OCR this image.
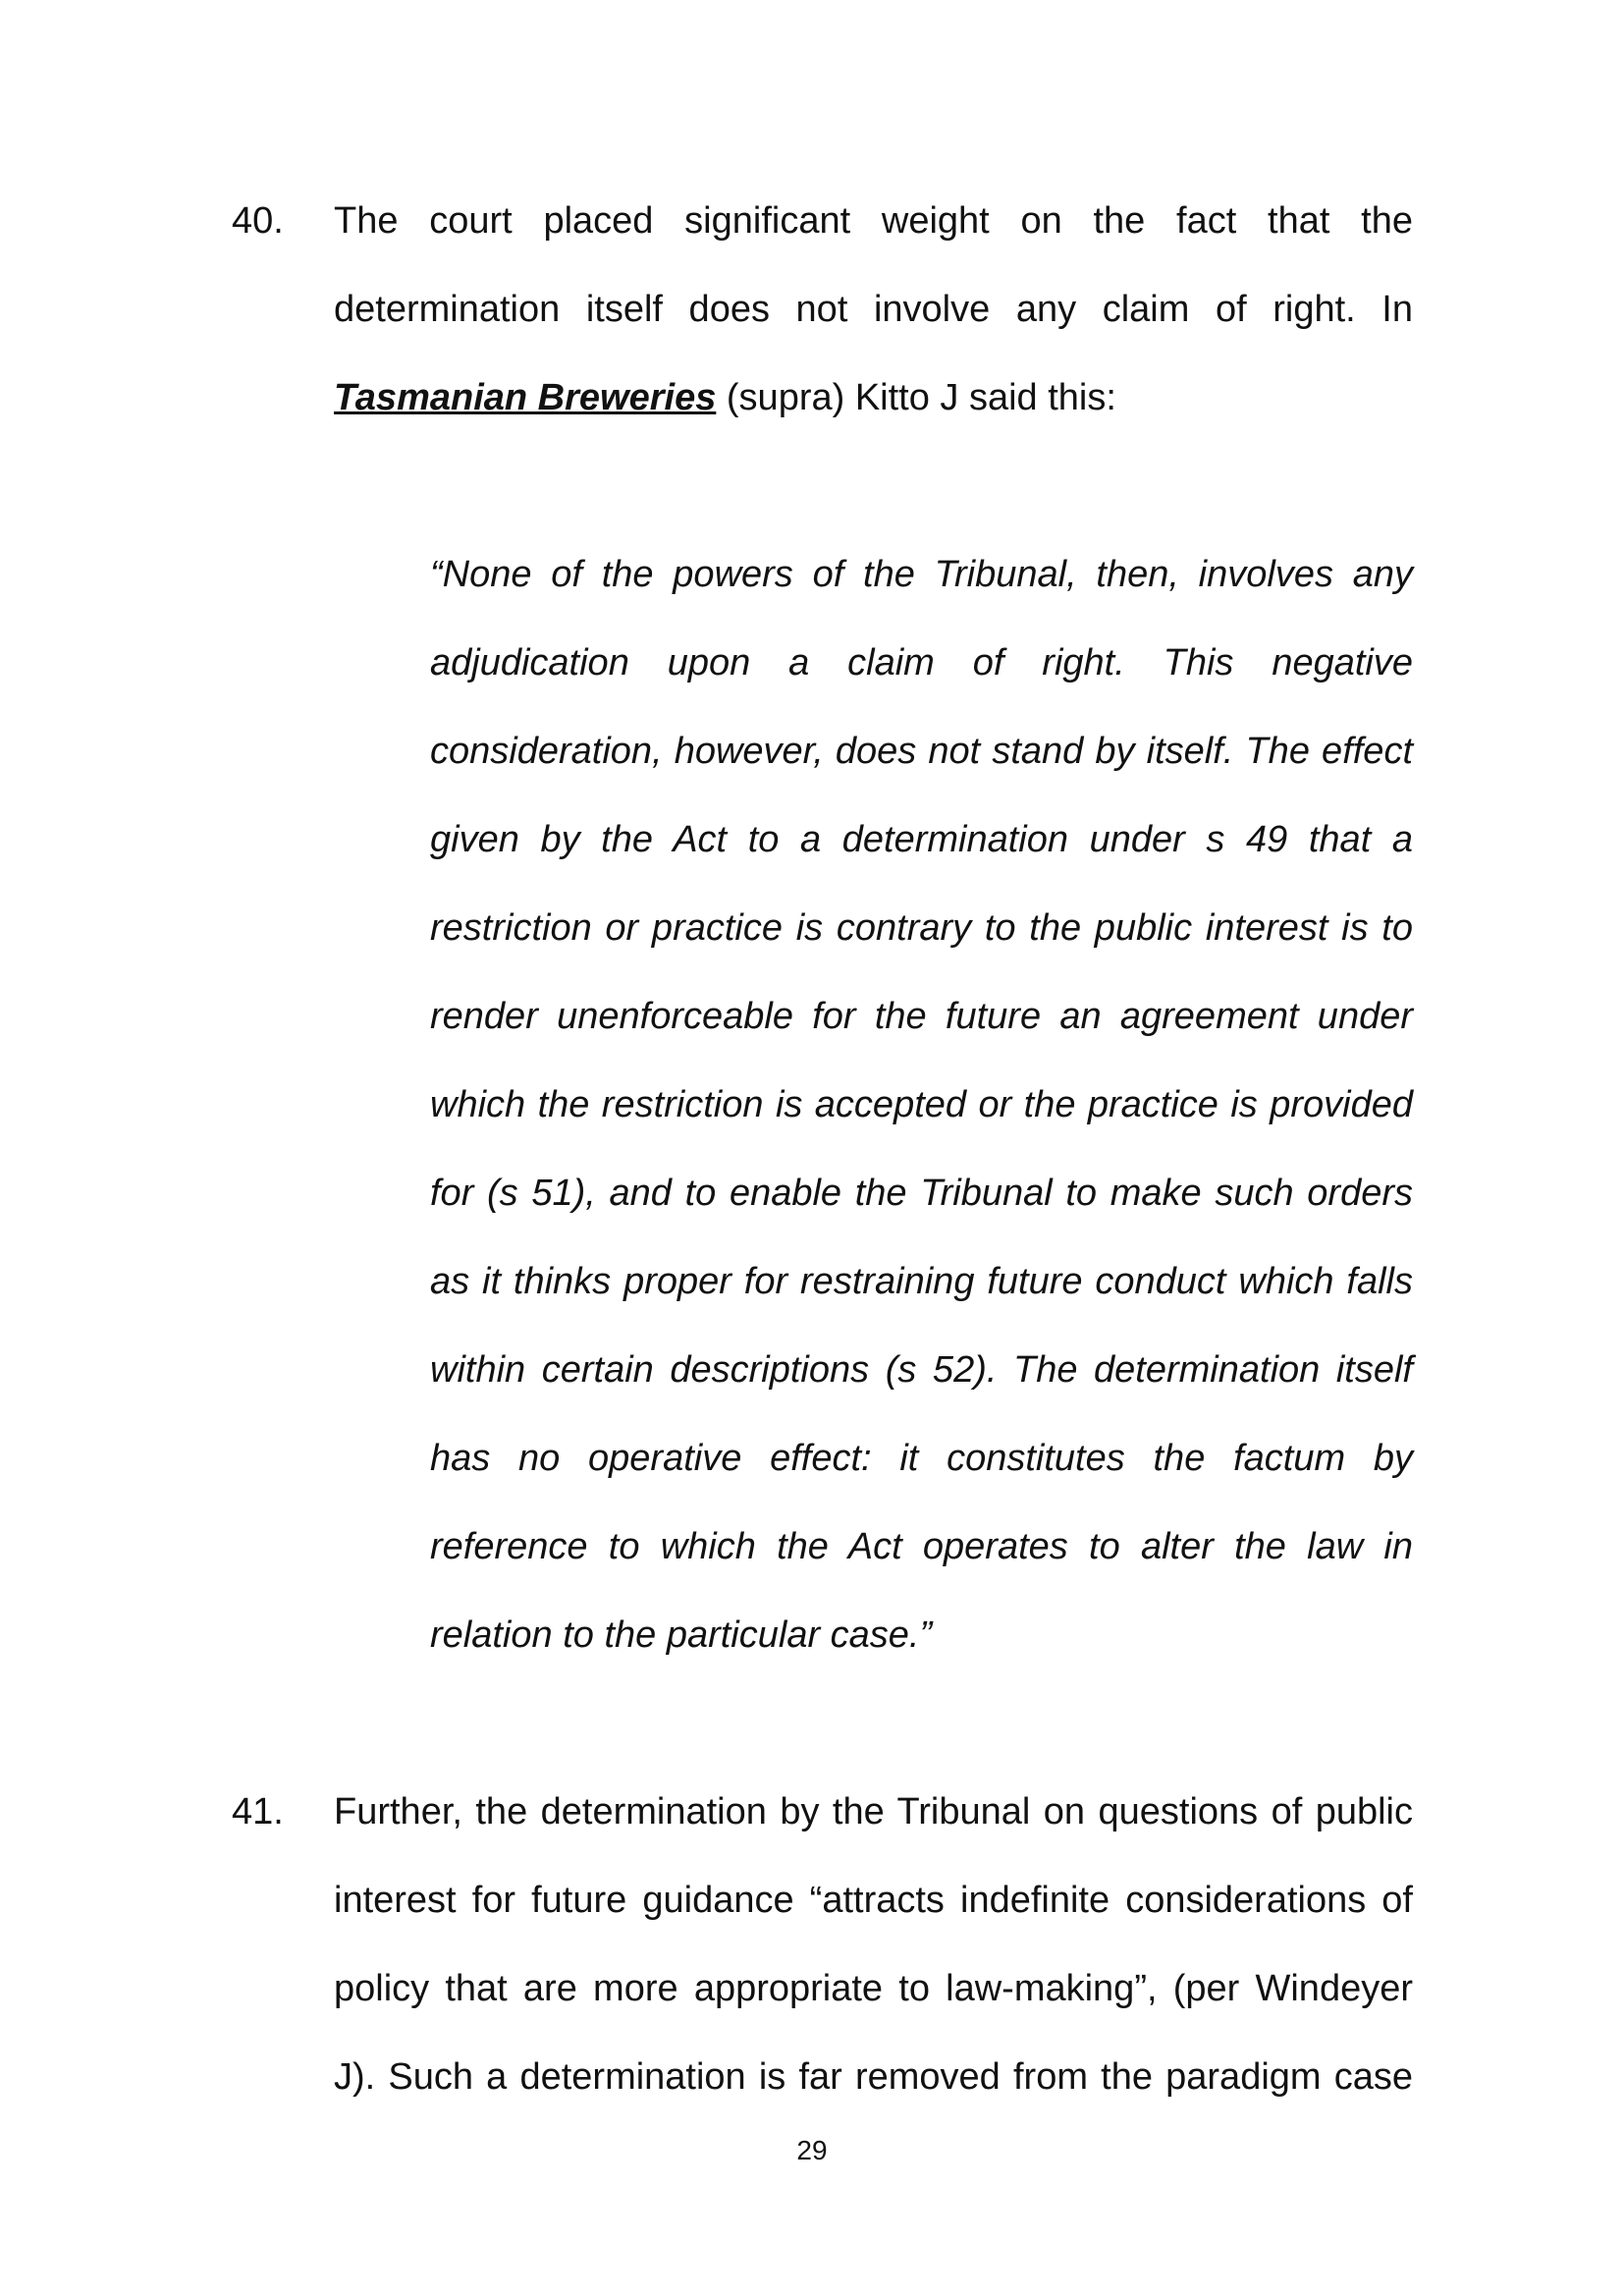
40. The court placed significant weight on the fact that the
determination itself does not involve any claim of right. In
Tasmanian Breweries (supra) Kitto J said this:
“None of the powers of the Tribunal, then, involves any
adjudication upon a claim of right. This negative
consideration, however, does not stand by itself. The effect
given by the Act to a determination under s 49 that a
restriction or practice is contrary to the public interest is to
render unenforceable for the future an agreement under
which the restriction is accepted or the practice is provided
for (s 51), and to enable the Tribunal to make such orders
as it thinks proper for restraining future conduct which falls
within certain descriptions (s 52). The determination itself
has no operative effect: it constitutes the factum by
reference to which the Act operates to alter the law in
relation to the particular case.”
41. Further, the determination by the Tribunal on questions of public
interest for future guidance “attracts indefinite considerations of
policy that are more appropriate to law-making”, (per Windeyer
J). Such a determination is far removed from the paradigm case
29
